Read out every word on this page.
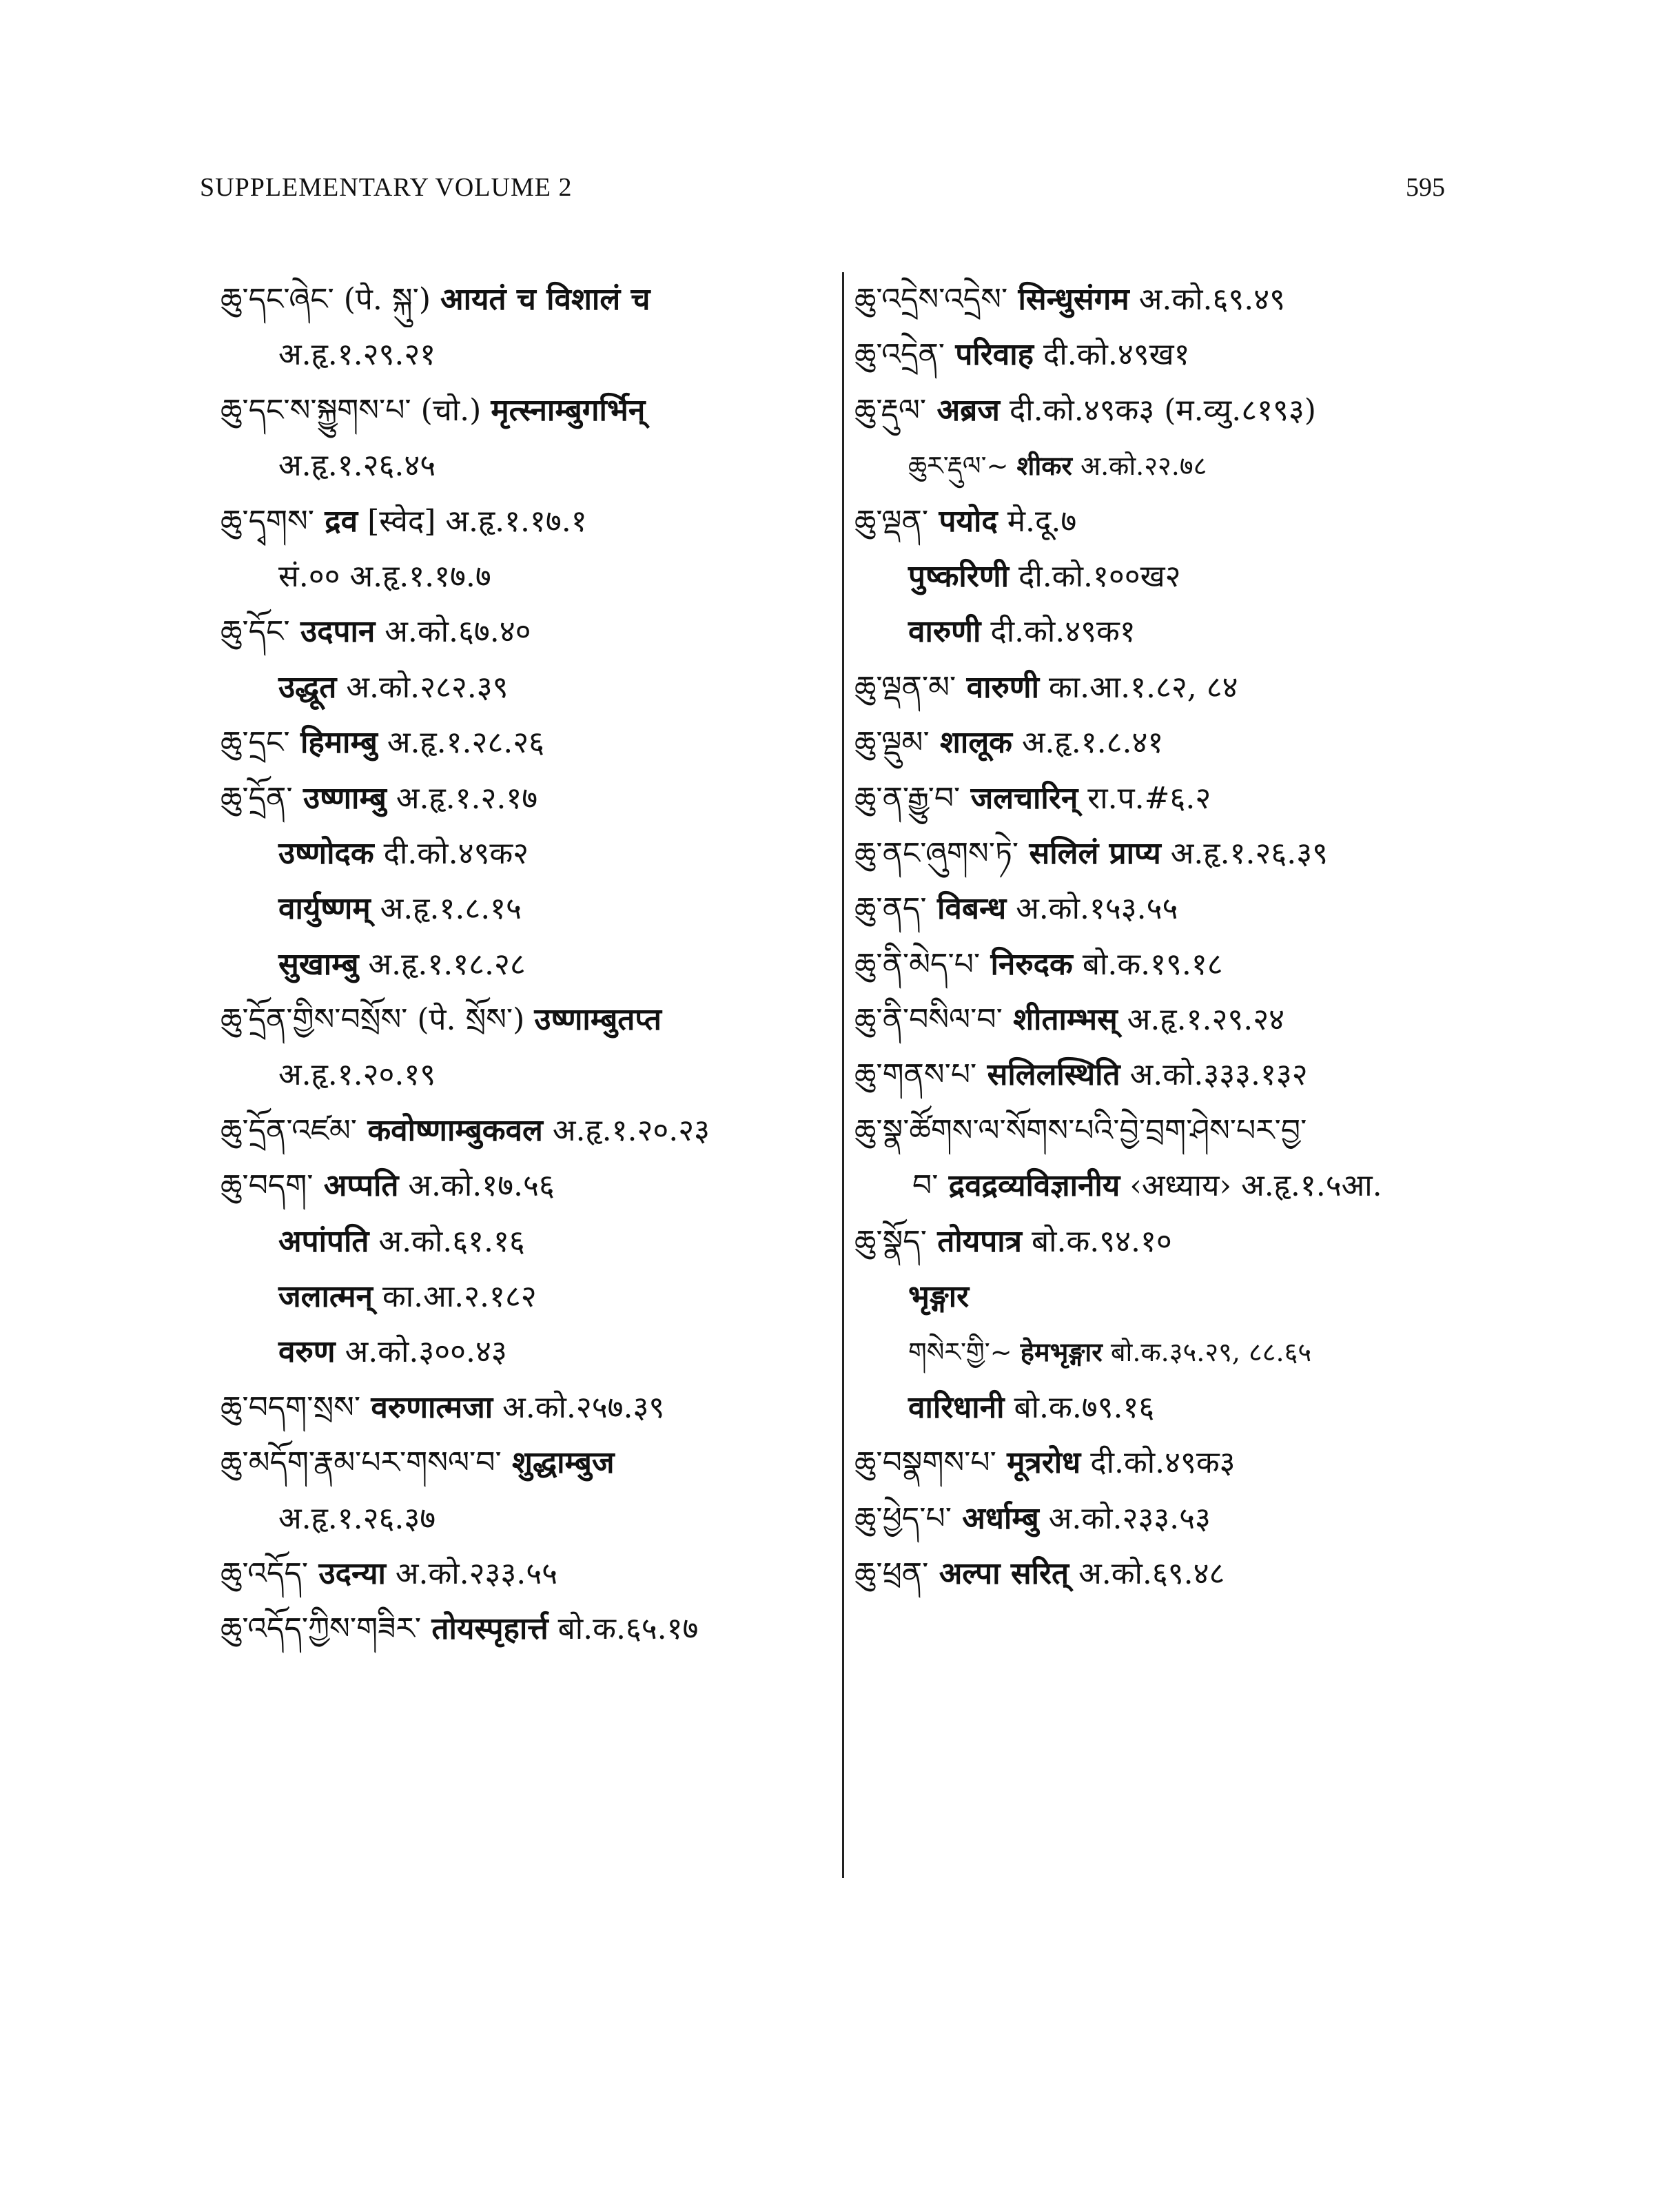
SUPPLEMENTARY VOLUME 2	595
ཆུ་དང་ཞེང་ (पे. སྐུ་) आयतं च विशालं च
अ.हृ.१.२९.२१
ཆུ་དང་ས་སྐྱུགས་པ་ (चो.) मृत्स्नाम्बुगर्भिन्
अ.हृ.१.२६.४५
ཆུ་དྭགས་ द्रव [स्वेद] अ.हृ.१.१७.१
सं.०० अ.हृ.१.१७.७
ཆུ་དོང་ उदपान अ.को.६७.४०
उद्धूत अ.को.२८२.३९
ཆུ་དྲང་ हिमाम्बु अ.हृ.१.२८.२६
ཆུ་དྲོན་ उष्णाम्बु अ.हृ.१.२.१७
उष्णोदक दी.को.४९क२
वार्युष्णम् अ.हृ.१.८.१५
सुखाम्बु अ.हृ.१.१८.२८
ཆུ་དྲོན་གྱིས་བསྲོས་ (पे. སྲོས་) उष्णाम्बुतप्त
अ.हृ.१.२०.१९
ཆུ་དྲོན་འཛམ་ कवोष्णाम्बुकवल अ.हृ.१.२०.२३
ཆུ་བདག་ अप्पति अ.को.१७.५६
अपांपति अ.को.६१.१६
जलात्मन् का.आ.२.१८२
वरुण अ.को.३००.४३
ཆུ་བདག་སྲས་ वरुणात्मजा अ.को.२५७.३९
ཆུ་མདོག་རྣམ་པར་གསལ་བ་ शुद्धाम्बुज
अ.हृ.१.२६.३७
ཆུ་འདོད་ उदन्या अ.को.२३३.५५
ཆུ་འདོད་ཀྱིས་གཟིར་ तोयस्पृहार्त्त बो.क.६५.१७
ཆུ་འདྲེས་འདྲེས་ सिन्धुसंगम अ.को.६९.४९
ཆུ་འདྲེན་ परिवाह दी.को.४९ख१
ཆུ་རྡུལ་ अब्रज दी.को.४९क३ (म.व्यु.८१९३)
ཆུར་རྡུལ་~ शीकर अ.को.२२.७८
ཆུ་ལྡན་ पयोद मे.दू.७
पुष्करिणी दी.को.१००ख२
वारुणी दी.को.४९क१
ཆུ་ལྡན་མ་ वारुणी का.आ.१.८२, ८४
ཆུ་ལྡུམ་ शालूक अ.हृ.१.८.४१
ཆུ་ན་རྒྱུ་བ་ जलचारिन् रा.प.#६.२
ཆུ་ནང་ཞུགས་ཏེ་ सलिलं प्राप्य अ.हृ.१.२६.३९
ཆུ་ནད་ विबन्ध अ.को.१५३.५५
ཆུ་ནི་མེད་པ་ निरुदक बो.क.१९.१८
ཆུ་ནི་བསིལ་བ་ शीताम्भस् अ.हृ.१.२९.२४
ཆུ་གནས་པ་ सलिलस्थिति अ.को.३३३.१३२
ཆུ་སྣ་ཚོགས་ལ་སོགས་པའི་བྱེ་བྲག་ཤེས་པར་བྱ་
བ་ द्रवद्रव्यविज्ञानीय ‹अध्याय› अ.हृ.१.५आ.
ཆུ་སྣོད་ तोयपात्र बो.क.९४.१०
भृङ्गार
གསེར་གྱི་~ हेमभृङ्गार बो.क.३५.२९, ८८.६५
वारिधानी बो.क.७९.१६
ཆུ་བསྣགས་པ་ मूत्ररोध दी.को.४९क३
ཆུ་ཕྱེད་པ་ अर्धाम्बु अ.को.२३३.५३
ཆུ་ཕྲན་ अल्पा सरित् अ.को.६९.४८
